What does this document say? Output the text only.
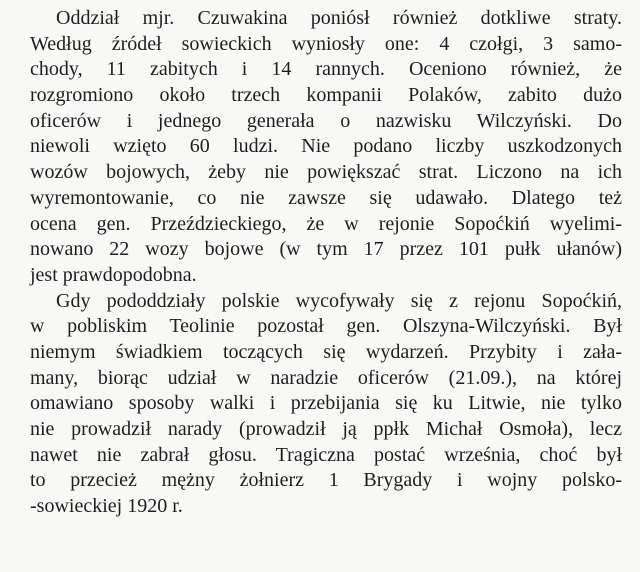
Oddział mjr. Czuwakina poniósł również dotkliwe straty.
Według źródeł sowieckich wyniosły one: 4 czołgi, 3 samo-
chody, 11 zabitych i 14 rannych. Oceniono również, że
rozgromiono około trzech kompanii Polaków, zabito dużo
oficerów i jednego generała o nazwisku Wilczyński. Do
niewoli wzięto 60 ludzi. Nie podano liczby uszkodzonych
wozów bojowych, żeby nie powiększać strat. Liczono na ich
wyremontowanie, co nie zawsze się udawało. Dlatego też
ocena gen. Przeździeckiego, że w rejonie Sopoćkiń wyelimi-
nowano 22 wozy bojowe (w tym 17 przez 101 pułk ułanów)
jest prawdopodobna.
Gdy pododdziały polskie wycofywały się z rejonu Sopoćkiń,
w pobliskim Teolinie pozostał gen. Olszyna-Wilczyński. Był
niemym świadkiem toczących się wydarzeń. Przybity i zała-
many, biorąc udział w naradzie oficerów (21.09.), na której
omawiano sposoby walki i przebijania się ku Litwie, nie tylko
nie prowadził narady (prowadził ją ppłk Michał Osmoła), lecz
nawet nie zabrał głosu. Tragiczna postać września, choć był
to przecież mężny żołnierz 1 Brygady i wojny polsko-
-sowieckiej 1920 r.
